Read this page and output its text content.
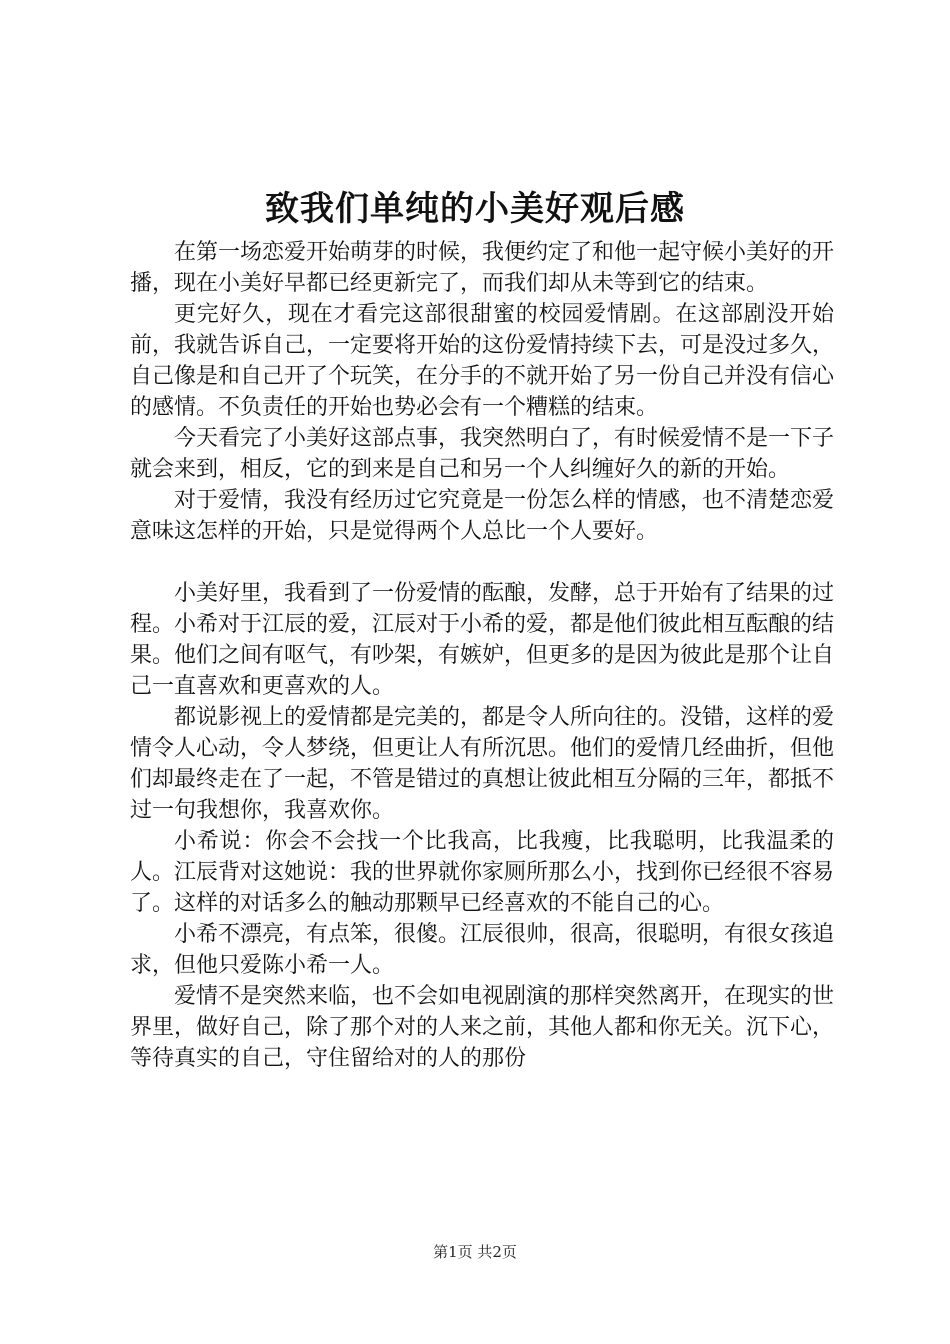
致我们单纯的小美好观后感

在第一场恋爱开始萌芽的时候，我便约定了和他一起守候小美好的开播，现在小美好早都已经更新完了，而我们却从未等到它的结束。

更完好久，现在才看完这部很甜蜜的校园爱情剧。在这部剧没开始前，我就告诉自己，一定要将开始的这份爱情持续下去，可是没过多久，自己像是和自己开了个玩笑，在分手的不就开始了另一份自己并没有信心的感情。不负责任的开始也势必会有一个糟糕的结束。

今天看完了小美好这部点事，我突然明白了，有时候爱情不是一下子就会来到，相反，它的到来是自己和另一个人纠缠好久的新的开始。

对于爱情，我没有经历过它究竟是一份怎么样的情感，也不清楚恋爱意味这怎样的开始，只是觉得两个人总比一个人要好。

小美好里，我看到了一份爱情的酝酿，发酵，总于开始有了结果的过程。小希对于江辰的爱，江辰对于小希的爱，都是他们彼此相互酝酿的结果。他们之间有呕气，有吵架，有嫉妒，但更多的是因为彼此是那个让自己一直喜欢和更喜欢的人。

都说影视上的爱情都是完美的，都是令人所向往的。没错，这样的爱情令人心动，令人梦绕，但更让人有所沉思。他们的爱情几经曲折，但他们却最终走在了一起，不管是错过的真想让彼此相互分隔的三年，都抵不过一句我想你，我喜欢你。

小希说：你会不会找一个比我高，比我瘦，比我聪明，比我温柔的人。江辰背对这她说：我的世界就你家厕所那么小，找到你已经很不容易了。这样的对话多么的触动那颗早已经喜欢的不能自己的心。

小希不漂亮，有点笨，很傻。江辰很帅，很高，很聪明，有很女孩追求，但他只爱陈小希一人。

爱情不是突然来临，也不会如电视剧演的那样突然离开，在现实的世界里，做好自己，除了那个对的人来之前，其他人都和你无关。沉下心，等待真实的自己，守住留给对的人的那份

第1页 共2页
